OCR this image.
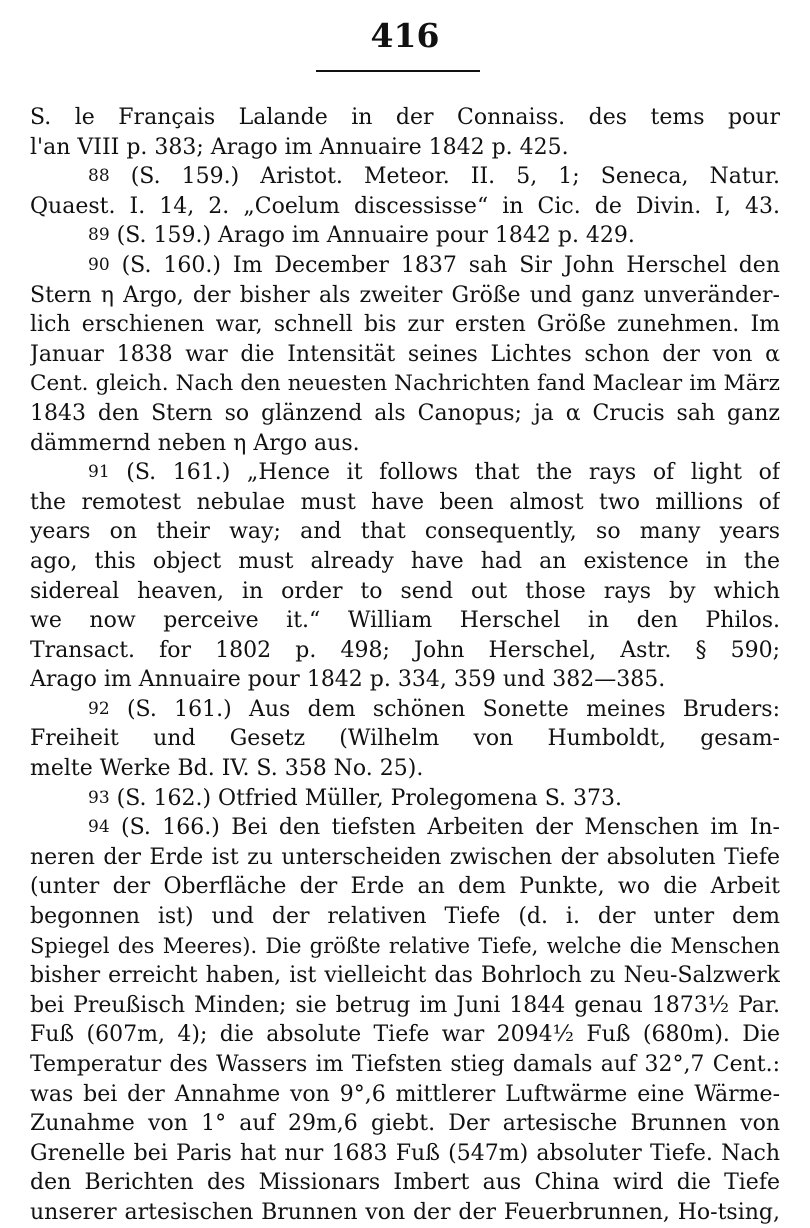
416
S. le Français Lalande in der Connaiss. des tems pour
l'an VIII p. 383; Arago im Annuaire 1842 p. 425.
88 (S. 159.) Aristot. Meteor. II. 5, 1; Seneca, Natur.
Quaest. I. 14, 2. „Coelum discessisse“ in Cic. de Divin. I, 43.
89 (S. 159.) Arago im Annuaire pour 1842 p. 429.
90 (S. 160.) Im December 1837 sah Sir John Herschel den
Stern η Argo, der bisher als zweiter Größe und ganz unveränder-
lich erschienen war, schnell bis zur ersten Größe zunehmen. Im
Januar 1838 war die Intensität seines Lichtes schon der von α
Cent. gleich. Nach den neuesten Nachrichten fand Maclear im März
1843 den Stern so glänzend als Canopus; ja α Crucis sah ganz
dämmernd neben η Argo aus.
91 (S. 161.) „Hence it follows that the rays of light of
the remotest nebulae must have been almost two millions of
years on their way; and that consequently, so many years
ago, this object must already have had an existence in the
sidereal heaven, in order to send out those rays by which
we now perceive it.“ William Herschel in den Philos.
Transact. for 1802 p. 498; John Herschel, Astr. § 590;
Arago im Annuaire pour 1842 p. 334, 359 und 382—385.
92 (S. 161.) Aus dem schönen Sonette meines Bruders:
Freiheit und Gesetz (Wilhelm von Humboldt, gesam-
melte Werke Bd. IV. S. 358 No. 25).
93 (S. 162.) Otfried Müller, Prolegomena S. 373.
94 (S. 166.) Bei den tiefsten Arbeiten der Menschen im In-
neren der Erde ist zu unterscheiden zwischen der absoluten Tiefe
(unter der Oberfläche der Erde an dem Punkte, wo die Arbeit
begonnen ist) und der relativen Tiefe (d. i. der unter dem
Spiegel des Meeres). Die größte relative Tiefe, welche die Menschen
bisher erreicht haben, ist vielleicht das Bohrloch zu Neu-Salzwerk
bei Preußisch Minden; sie betrug im Juni 1844 genau 1873½ Par.
Fuß (607m, 4); die absolute Tiefe war 2094½ Fuß (680m). Die
Temperatur des Wassers im Tiefsten stieg damals auf 32°,7 Cent.:
was bei der Annahme von 9°,6 mittlerer Luftwärme eine Wärme-
Zunahme von 1° auf 29m,6 giebt. Der artesische Brunnen von
Grenelle bei Paris hat nur 1683 Fuß (547m) absoluter Tiefe. Nach
den Berichten des Missionars Imbert aus China wird die Tiefe
unserer artesischen Brunnen von der der Feuerbrunnen, Ho-tsing,
